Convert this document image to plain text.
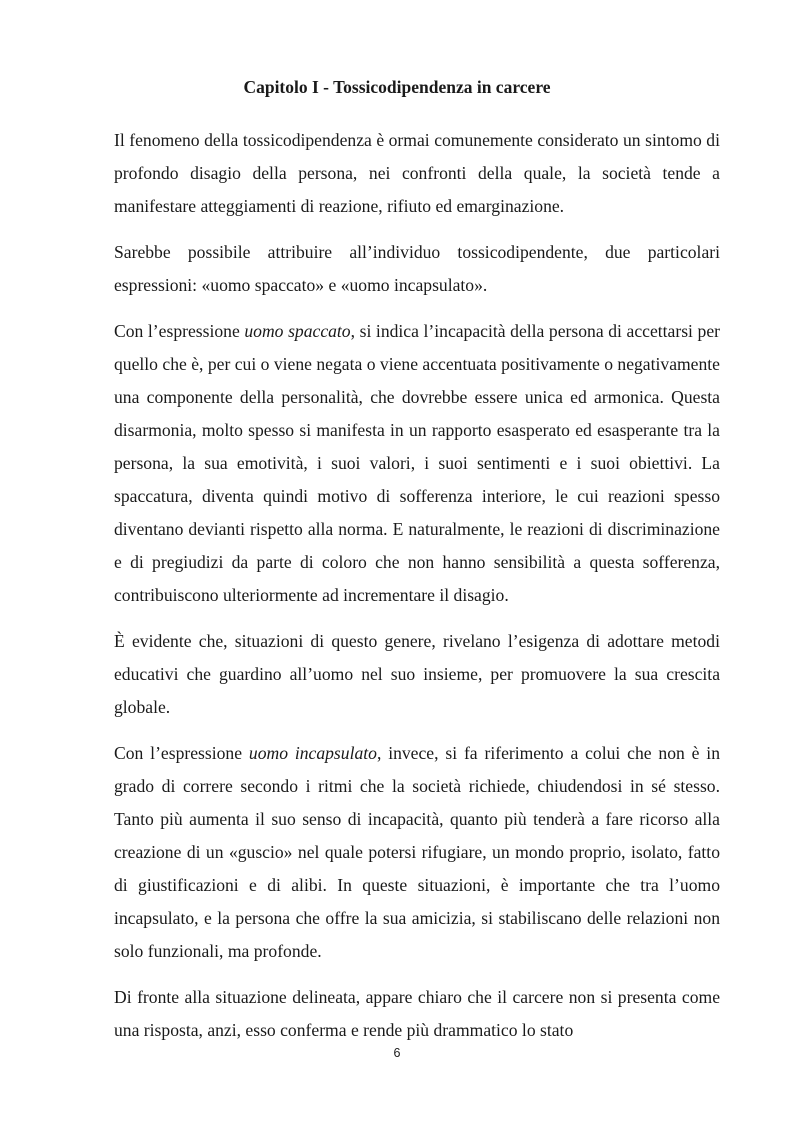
Capitolo I - Tossicodipendenza in carcere

Il fenomeno della tossicodipendenza è ormai comunemente considerato un sintomo di profondo disagio della persona, nei confronti della quale, la società tende a manifestare atteggiamenti di reazione, rifiuto ed emarginazione.

Sarebbe possibile attribuire all’individuo tossicodipendente, due particolari espressioni: «uomo spaccato» e «uomo incapsulato».

Con l’espressione uomo spaccato, si indica l’incapacità della persona di accettarsi per quello che è, per cui o viene negata o viene accentuata positivamente o negativamente una componente della personalità, che dovrebbe essere unica ed armonica. Questa disarmonia, molto spesso si manifesta in un rapporto esasperato ed esasperante tra la persona, la sua emotività, i suoi valori, i suoi sentimenti e i suoi obiettivi. La spaccatura, diventa quindi motivo di sofferenza interiore, le cui reazioni spesso diventano devianti rispetto alla norma. E naturalmente, le reazioni di discriminazione e di pregiudizi da parte di coloro che non hanno sensibilità a questa sofferenza, contribuiscono ulteriormente ad incrementare il disagio.

È evidente che, situazioni di questo genere, rivelano l’esigenza di adottare metodi educativi che guardino all’uomo nel suo insieme, per promuovere la sua crescita globale.

Con l’espressione uomo incapsulato, invece, si fa riferimento a colui che non è in grado di correre secondo i ritmi che la società richiede, chiudendosi in sé stesso. Tanto più aumenta il suo senso di incapacità, quanto più tenderà a fare ricorso alla creazione di un «guscio» nel quale potersi rifugiare, un mondo proprio, isolato, fatto di giustificazioni e di alibi. In queste situazioni, è importante che tra l’uomo incapsulato, e la persona che offre la sua amicizia, si stabiliscano delle relazioni non solo funzionali, ma profonde.

Di fronte alla situazione delineata, appare chiaro che il carcere non si presenta come una risposta, anzi, esso conferma e rende più drammatico lo stato

6
